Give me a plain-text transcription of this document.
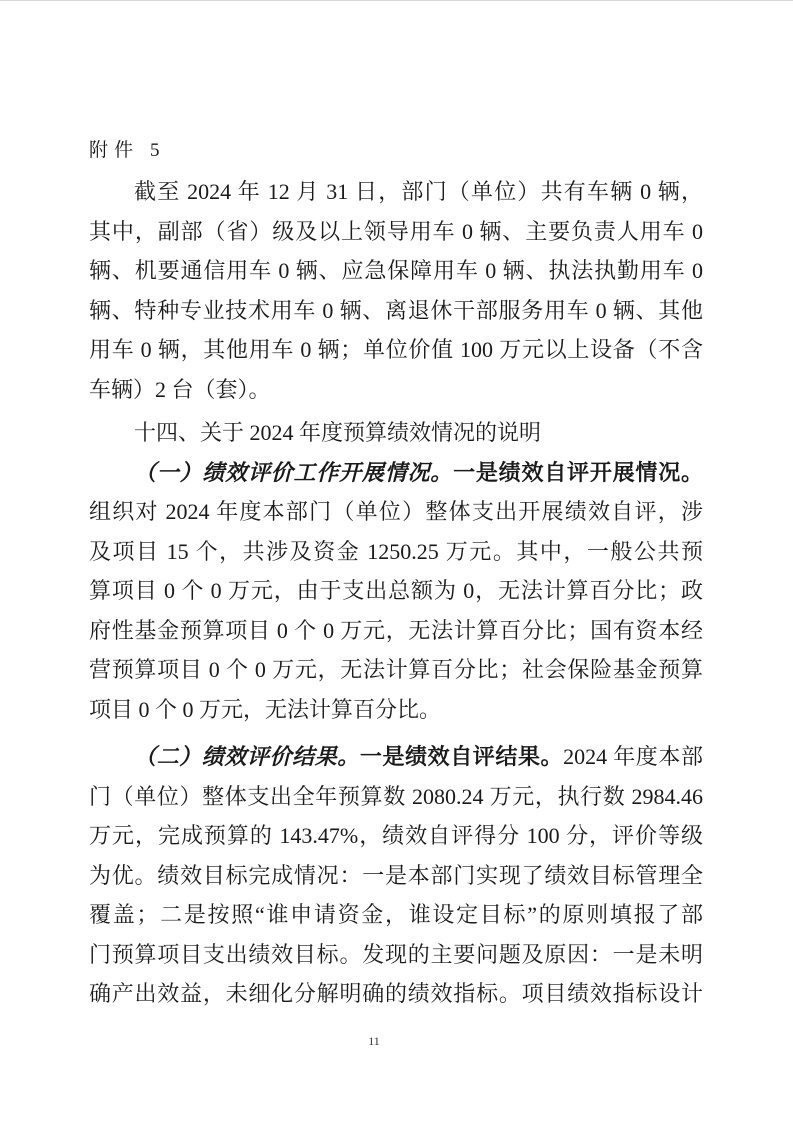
附件 5
截至 2024 年 12 月 31 日，部门（单位）共有车辆 0 辆，
其中，副部（省）级及以上领导用车 0 辆、主要负责人用车 0
辆、机要通信用车 0 辆、应急保障用车 0 辆、执法执勤用车 0
辆、特种专业技术用车 0 辆、离退休干部服务用车 0 辆、其他
用车 0 辆，其他用车 0 辆；单位价值 100 万元以上设备（不含
车辆）2 台（套）。
十四、关于 2024 年度预算绩效情况的说明
（一）绩效评价工作开展情况。一是绩效自评开展情况。
组织对 2024 年度本部门（单位）整体支出开展绩效自评，涉
及项目 15 个，共涉及资金 1250.25 万元。其中，一般公共预
算项目 0 个 0 万元，由于支出总额为 0，无法计算百分比；政
府性基金预算项目 0 个 0 万元，无法计算百分比；国有资本经
营预算项目 0 个 0 万元，无法计算百分比；社会保险基金预算
项目 0 个 0 万元，无法计算百分比。
（二）绩效评价结果。一是绩效自评结果。2024 年度本部
门（单位）整体支出全年预算数 2080.24 万元，执行数 2984.46
万元，完成预算的 143.47%，绩效自评得分 100 分，评价等级
为优。绩效目标完成情况：一是本部门实现了绩效目标管理全
覆盖；二是按照“谁申请资金，谁设定目标”的原则填报了部
门预算项目支出绩效目标。发现的主要问题及原因：一是未明
确产出效益，未细化分解明确的绩效指标。项目绩效指标设计
11
